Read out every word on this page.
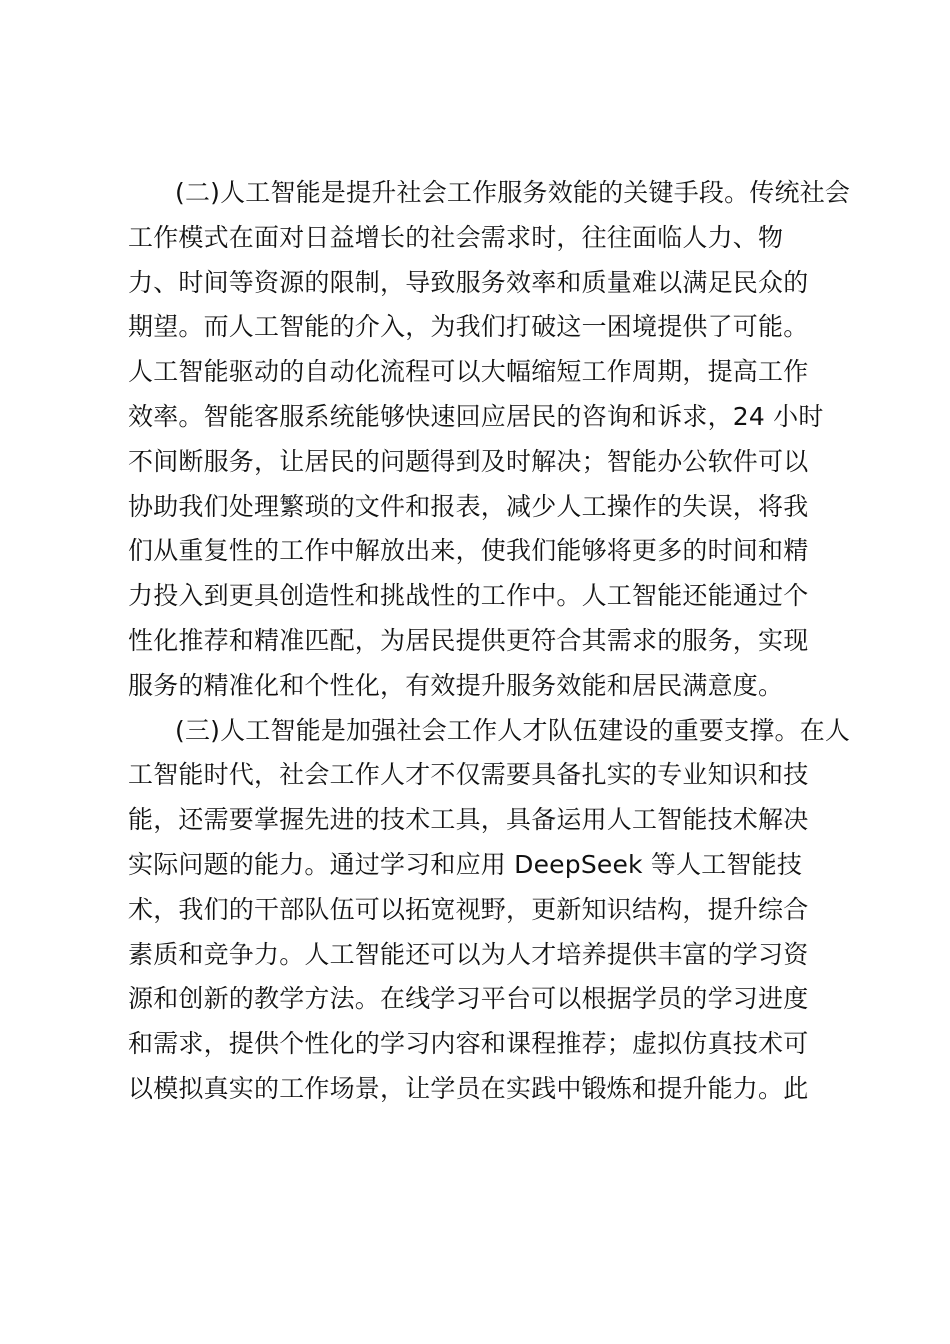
(二)人工智能是提升社会工作服务效能的关键手段。传统社会
工作模式在面对日益增长的社会需求时，往往面临人力、物
力、时间等资源的限制，导致服务效率和质量难以满足民众的
期望。而人工智能的介入，为我们打破这一困境提供了可能。
人工智能驱动的自动化流程可以大幅缩短工作周期，提高工作
效率。智能客服系统能够快速回应居民的咨询和诉求，24 小时
不间断服务，让居民的问题得到及时解决；智能办公软件可以
协助我们处理繁琐的文件和报表，减少人工操作的失误，将我
们从重复性的工作中解放出来，使我们能够将更多的时间和精
力投入到更具创造性和挑战性的工作中。人工智能还能通过个
性化推荐和精准匹配，为居民提供更符合其需求的服务，实现
服务的精准化和个性化，有效提升服务效能和居民满意度。
(三)人工智能是加强社会工作人才队伍建设的重要支撑。在人
工智能时代，社会工作人才不仅需要具备扎实的专业知识和技
能，还需要掌握先进的技术工具，具备运用人工智能技术解决
实际问题的能力。通过学习和应用 DeepSeek 等人工智能技
术，我们的干部队伍可以拓宽视野，更新知识结构，提升综合
素质和竞争力。人工智能还可以为人才培养提供丰富的学习资
源和创新的教学方法。在线学习平台可以根据学员的学习进度
和需求，提供个性化的学习内容和课程推荐；虚拟仿真技术可
以模拟真实的工作场景，让学员在实践中锻炼和提升能力。此
